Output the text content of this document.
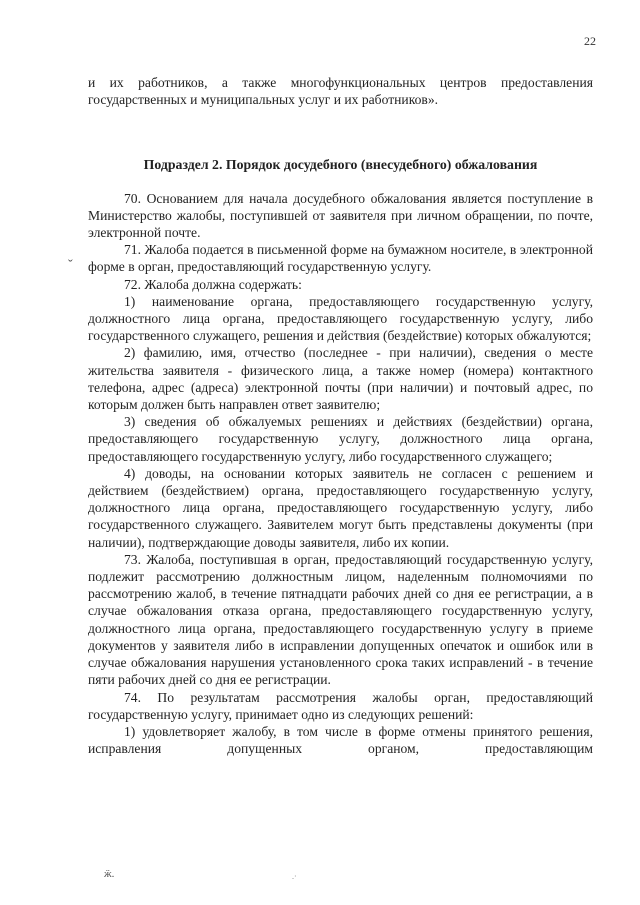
22
ˇ

и их работников, а также многофункциональных центров предоставления государственных и муниципальных услуг и их работников».

Подраздел 2. Порядок досудебного (внесудебного) обжалования

70. Основанием для начала досудебного обжалования является поступление в Министерство жалобы, поступившей от заявителя при личном обращении, по почте, электронной почте.

71. Жалоба подается в письменной форме на бумажном носителе, в электронной форме в орган, предоставляющий государственную услугу.

72. Жалоба должна содержать:

1) наименование органа, предоставляющего государственную услугу, должностного лица органа, предоставляющего государственную услугу, либо государственного служащего, решения и действия (бездействие) которых обжалуются;

2) фамилию, имя, отчество (последнее - при наличии), сведения о месте жительства заявителя - физического лица, а также номер (номера) контактного телефона, адрес (адреса) электронной почты (при наличии) и почтовый адрес, по которым должен быть направлен ответ заявителю;

3) сведения об обжалуемых решениях и действиях (бездействии) органа, предоставляющего государственную услугу, должностного лица органа, предоставляющего государственную услугу, либо государственного служащего;

4) доводы, на основании которых заявитель не согласен с решением и действием (бездействием) органа, предоставляющего государственную услугу, должностного лица органа, предоставляющего государственную услугу, либо государственного служащего. Заявителем могут быть представлены документы (при наличии), подтверждающие доводы заявителя, либо их копии.

73. Жалоба, поступившая в орган, предоставляющий государственную услугу, подлежит рассмотрению должностным лицом, наделенным полномочиями по рассмотрению жалоб, в течение пятнадцати рабочих дней со дня ее регистрации, а в случае обжалования отказа органа, предоставляющего государственную услугу, должностного лица органа, предоставляющего государственную услугу в приеме документов у заявителя либо в исправлении допущенных опечаток и ошибок или в случае обжалования нарушения установленного срока таких исправлений - в течение пяти рабочих дней со дня ее регистрации.

74. По результатам рассмотрения жалобы орган, предоставляющий государственную услугу, принимает одно из следующих решений:

1) удовлетворяет жалобу, в том числе в форме отмены принятого решения, исправления допущенных органом, предоставляющим

ӝ.	.·
